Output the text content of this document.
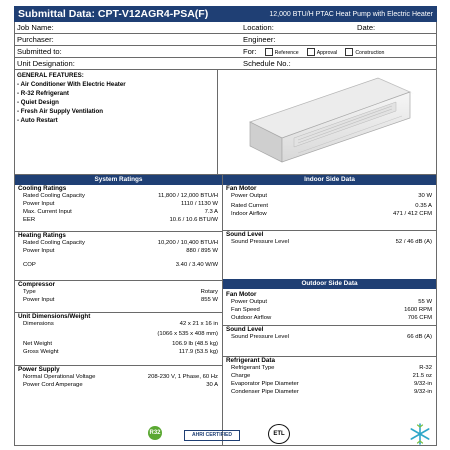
Submittal Data: CPT-V12AGR4-PSA(F)	12,000 BTU/H PTAC Heat Pump with Electric Heater
Job Name:	Location:	Date:
Purchaser:	Engineer:
Submitted to:	For:	Reference	Approval	Construction
Unit Designation:	Schedule No.:
GENERAL FEATURES:
- Air Conditioner With Electric Heater
- R-32 Refrigerant
- Quiet Design
- Fresh Air Supply Ventilation
- Auto Restart
System Ratings
Cooling Ratings
Rated Cooling Capacity	11,800 / 12,000 BTU/H
Power Input	1110 / 1130 W
Max. Current Input	7.3 A
EER	10.6 / 10.6 BTU/W
Heating Ratings
Rated Cooling Capacity	10,200 / 10,400 BTU/H
Power Input	880 / 895 W
COP	3.40 / 3.40 W/W
Compressor
Type	Rotary
Power Input	855 W
Unit Dimensions/Weight
Dimensions	42 x 21 x 16 in
(1066 x 535 x 408 mm)
Net Weight	106.9 lb (48.5 kg)
Gross Weight	117.9 (53.5 kg)
Power Supply
Normal Operational Voltage	208-230 V, 1 Phase, 60 Hz
Power Cord Amperage	30 A
Indoor Side Data
Fan Motor
Power Output	30 W
Rated Current	0.35 A
Indoor Airflow	471 / 412 CFM
Sound Level
Sound Pressure Level	52 / 46 dB (A)
Outdoor Side Data
Fan Motor
Power Output	55 W
Fan Speed	1600 RPM
Outdoor Airflow	706 CFM
Sound Level
Sound Pressure Level	66 dB (A)
Refrigerant Data
Refrigerant Type	R-32
Charge	21.5 oz
Evaporator Pipe Diameter	9/32-in
Condenser Pipe Diameter	9/32-in
R32	AHRI CERTIFIED	ETL
